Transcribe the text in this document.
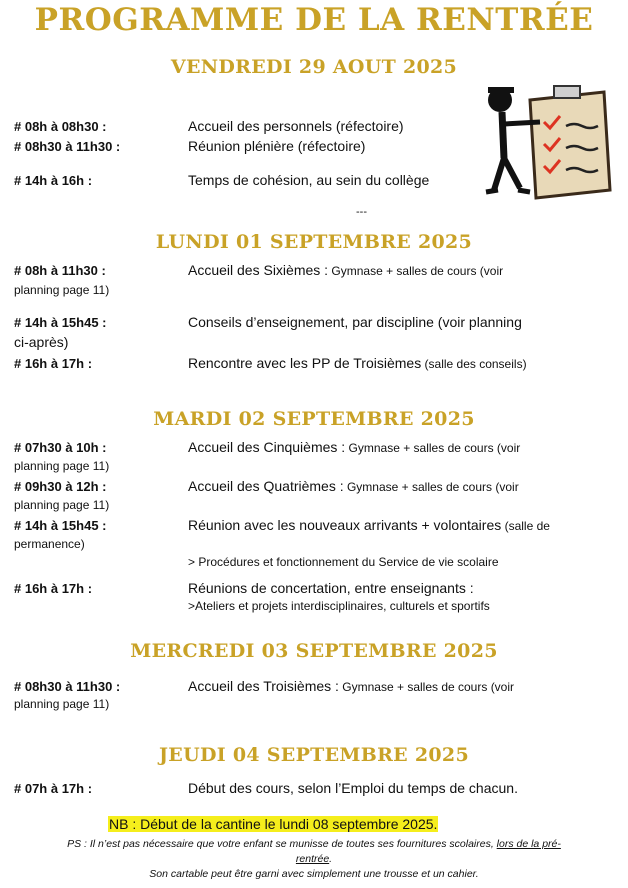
PROGRAMME DE LA RENTRÉE
VENDREDI 29 AOUT 2025
# 08h à 08h30 :	Accueil des personnels (réfectoire)
# 08h30 à 11h30 :	Réunion plénière (réfectoire)
# 14h à 16h :	Temps de cohésion, au sein du collège
---
LUNDI 01 SEPTEMBRE 2025
# 08h à 11h30 :	Accueil des Sixièmes : Gymnase + salles de cours (voir
planning page 11)
# 14h à 15h45 :	Conseils d’enseignement, par discipline (voir planning
ci-après)
# 16h à 17h :	Rencontre avec les PP de Troisièmes (salle des conseils)
MARDI 02 SEPTEMBRE 2025
# 07h30 à 10h :	Accueil des Cinquièmes : Gymnase + salles de cours (voir
planning page 11)
# 09h30 à 12h :	Accueil des Quatrièmes : Gymnase + salles de cours (voir
planning page 11)
# 14h à 15h45 :	Réunion avec les nouveaux arrivants + volontaires (salle de
permanence)
> Procédures et fonctionnement du Service de vie scolaire
# 16h à 17h :	Réunions de concertation, entre enseignants :
>Ateliers et projets interdisciplinaires, culturels et sportifs
MERCREDI 03 SEPTEMBRE 2025
# 08h30 à 11h30 :	Accueil des Troisièmes : Gymnase + salles de cours (voir
planning page 11)
JEUDI 04 SEPTEMBRE 2025
# 07h à 17h :	Début des cours, selon l’Emploi du temps de chacun.
NB : Début de la cantine le lundi 08 septembre 2025.
PS : Il n’est pas nécessaire que votre enfant se munisse de toutes ses fournitures scolaires, lors de la pré-
rentrée.
Son cartable peut être garni avec simplement une trousse et un cahier.
